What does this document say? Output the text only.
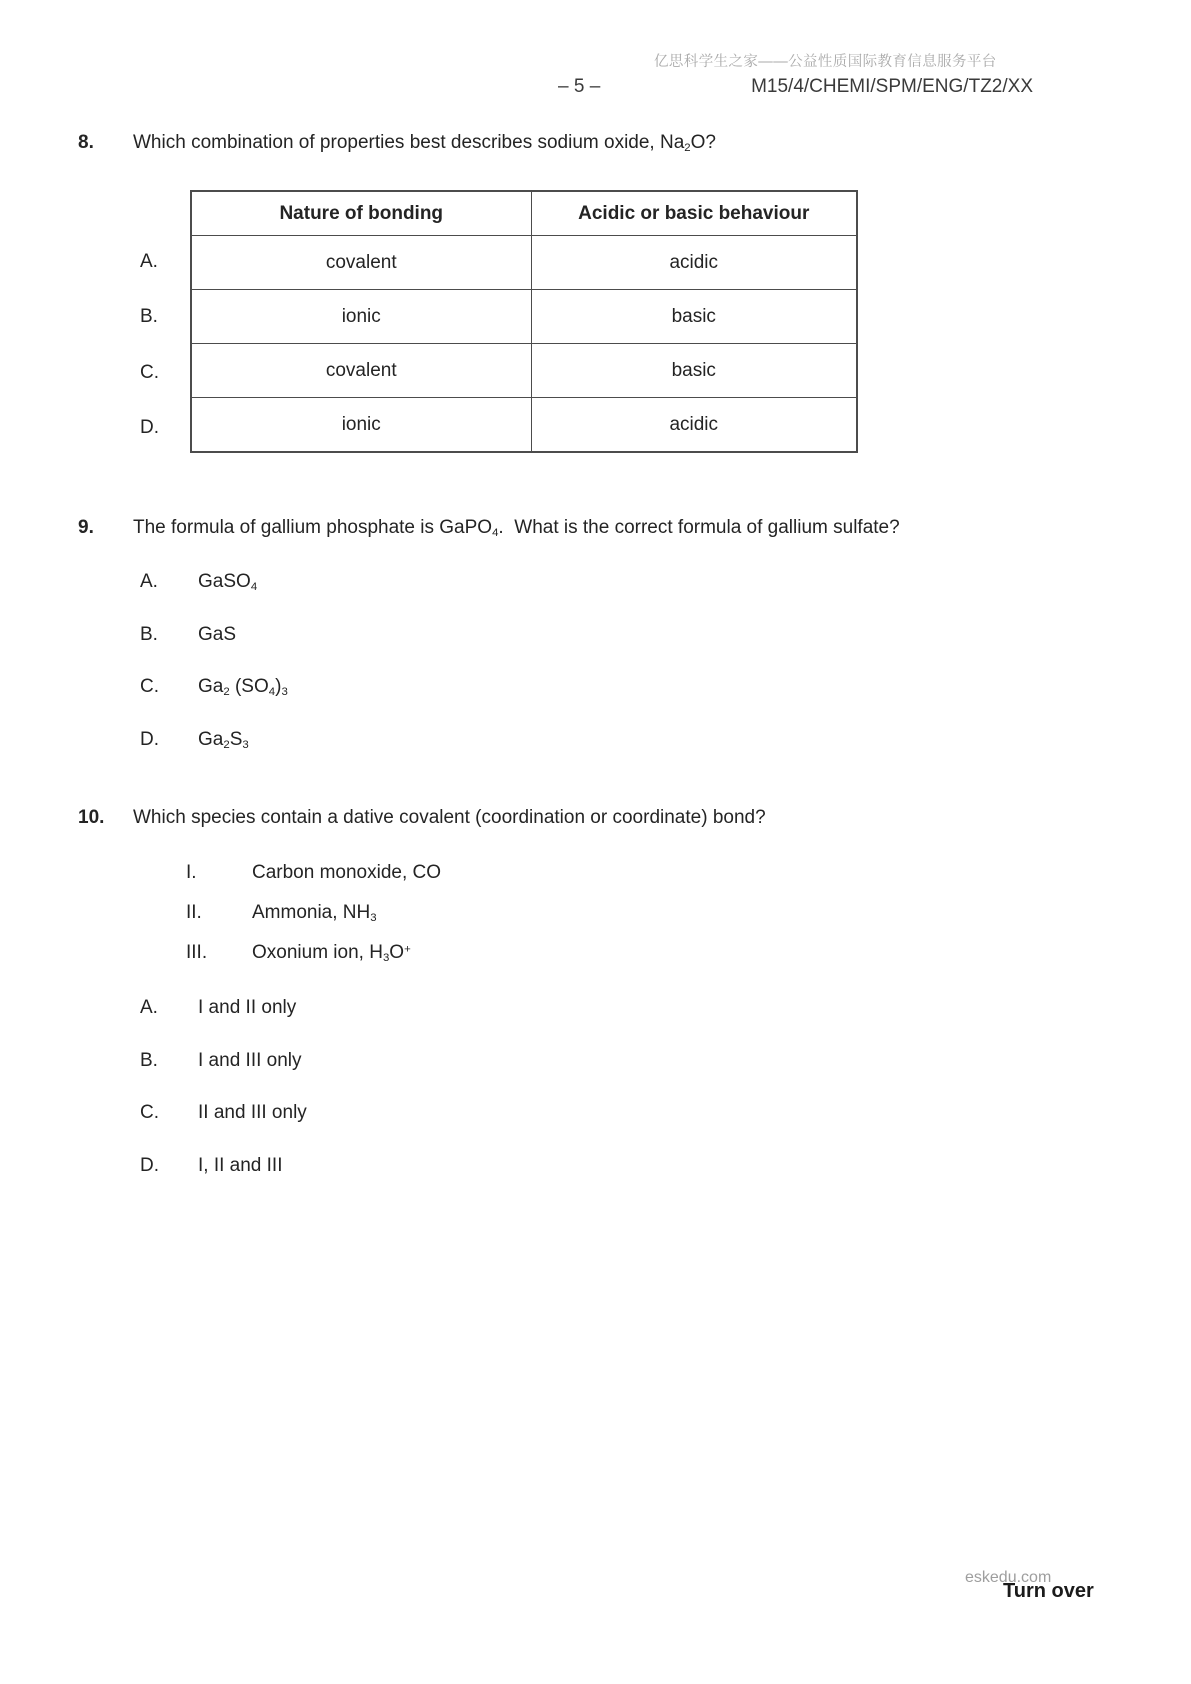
亿思科学生之家——公益性质国际教育信息服务平台
– 5 –	M15/4/CHEMI/SPM/ENG/TZ2/XX
8. Which combination of properties best describes sodium oxide, $Na_2O$?
A.
B.
C.
D.
Nature of bonding	Acidic or basic behaviour
covalent	acidic
ionic	basic
covalent	basic
ionic	acidic
9. The formula of gallium phosphate is GaPO$_4$.  What is the correct formula of gallium sulfate?
A. GaSO$_4$
B. GaS
C. $Ga_2$ $(SO_4)_3$
D. $Ga_2S_3$
10. Which species contain a dative covalent (coordination or coordinate) bond?
I.	Carbon monoxide, CO
II.	Ammonia, $NH_3$
III. Oxonium ion, $H_3O^+$
A. I and II only
B. I and III only
C. II and III only
D. I, II and III
eskedu.com
Turn over
